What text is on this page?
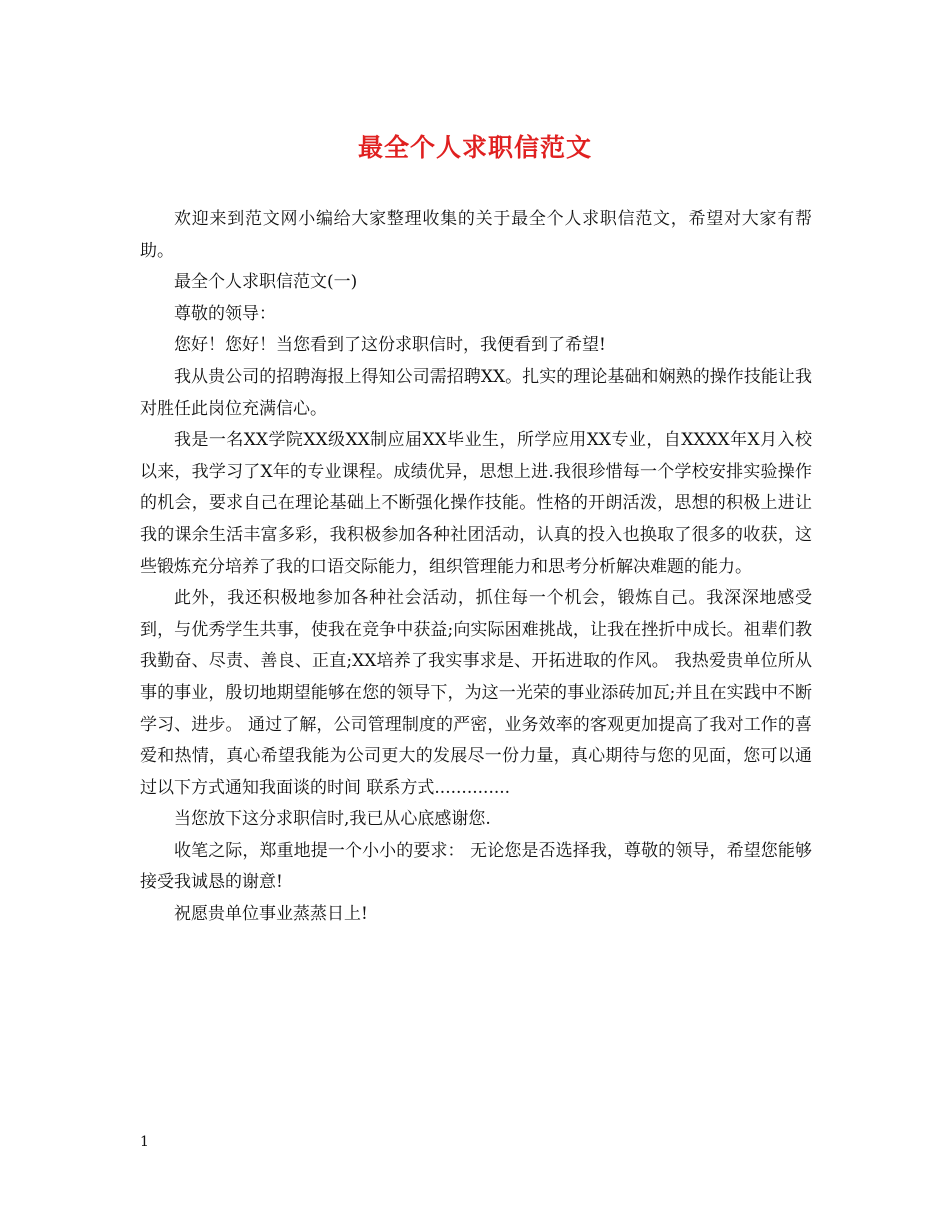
最全个人求职信范文

欢迎来到范文网小编给大家整理收集的关于最全个人求职信范文，希望对大家有帮助。

最全个人求职信范文(一)

尊敬的领导：

您好！您好！当您看到了这份求职信时，我便看到了希望!

我从贵公司的招聘海报上得知公司需招聘XX。扎实的理论基础和娴熟的操作技能让我对胜任此岗位充满信心。

我是一名XX学院XX级XX制应届XX毕业生，所学应用XX专业，自XXXX年X月入校以来，我学习了X年的专业课程。成绩优异，思想上进.我很珍惜每一个学校安排实验操作的机会，要求自己在理论基础上不断强化操作技能。性格的开朗活泼，思想的积极上进让我的课余生活丰富多彩，我积极参加各种社团活动，认真的投入也换取了很多的收获，这些锻炼充分培养了我的口语交际能力，组织管理能力和思考分析解决难题的能力。

此外，我还积极地参加各种社会活动，抓住每一个机会，锻炼自己。我深深地感受到，与优秀学生共事，使我在竞争中获益;向实际困难挑战，让我在挫折中成长。祖辈们教我勤奋、尽责、善良、正直;XX培养了我实事求是、开拓进取的作风。 我热爱贵单位所从事的事业，殷切地期望能够在您的领导下，为这一光荣的事业添砖加瓦;并且在实践中不断学习、进步。 通过了解，公司管理制度的严密，业务效率的客观更加提高了我对工作的喜爱和热情，真心希望我能为公司更大的发展尽一份力量，真心期待与您的见面，您可以通过以下方式通知我面谈的时间 联系方式..............

当您放下这分求职信时,我已从心底感谢您.

收笔之际，郑重地提一个小小的要求： 无论您是否选择我，尊敬的领导，希望您能够接受我诚恳的谢意!

祝愿贵单位事业蒸蒸日上!

1
